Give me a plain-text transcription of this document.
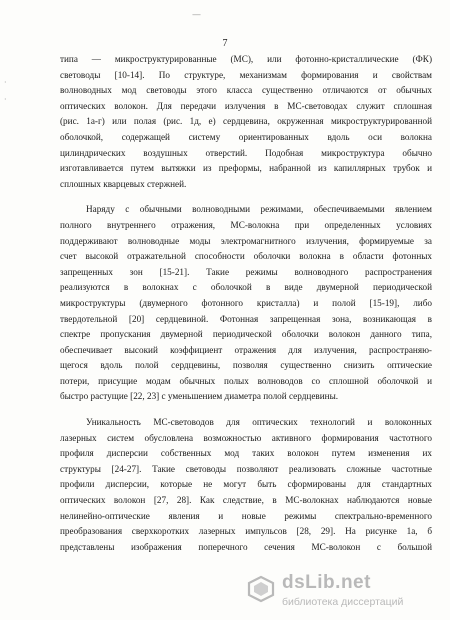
—
·
·
7
типа — микроструктурированные (МС), или фотонно-кристаллические (ФК)
световоды [10-14]. По структуре, механизмам формирования и свойствам
волноводных мод световоды этого класса существенно отличаются от обычных
оптических волокон. Для передачи излучения в МС-световодах служит сплошная
(рис. 1а-г) или полая (рис. 1д, е) сердцевина, окруженная микроструктурированной
оболочкой, содержащей систему ориентированных вдоль оси волокна
цилиндрических воздушных отверстий. Подобная микроструктура обычно
изготавливается путем вытяжки из преформы, набранной из капиллярных трубок и
сплошных кварцевых стержней.
Наряду с обычными волноводными режимами, обеспечиваемыми явлением
полного внутреннего отражения, МС-волокна при определенных условиях
поддерживают волноводные моды электромагнитного излучения, формируемые за
счет высокой отражательной способности оболочки волокна в области фотонных
запрещенных зон [15-21]. Такие режимы волноводного распространения
реализуются в волокнах с оболочкой в виде двумерной периодической
микроструктуры (двумерного фотонного кристалла) и полой [15-19], либо
твердотельной [20] сердцевиной. Фотонная запрещенная зона, возникающая в
спектре пропускания двумерной периодической оболочки волокон данного типа,
обеспечивает высокий коэффициент отражения для излучения, распространяю-
щегося вдоль полой сердцевины, позволяя существенно снизить оптические
потери, присущие модам обычных полых волноводов со сплошной оболочкой и
быстро растущие [22, 23] с уменьшением диаметра полой сердцевины.
Уникальность МС-световодов для оптических технологий и волоконных
лазерных систем обусловлена возможностью активного формирования частотного
профиля дисперсии собственных мод таких волокон путем изменения их
структуры [24-27]. Такие световоды позволяют реализовать сложные частотные
профили дисперсии, которые не могут быть сформированы для стандартных
оптических волокон [27, 28]. Как следствие, в МС-волокнах наблюдаются новые
нелинейно-оптические явления и новые режимы спектрально-временного
преобразования сверхкоротких лазерных импульсов [28, 29]. На рисунке 1а, б
представлены изображения поперечного сечения МС-волокон с большой
dsLib.net
библиотека диссертаций
